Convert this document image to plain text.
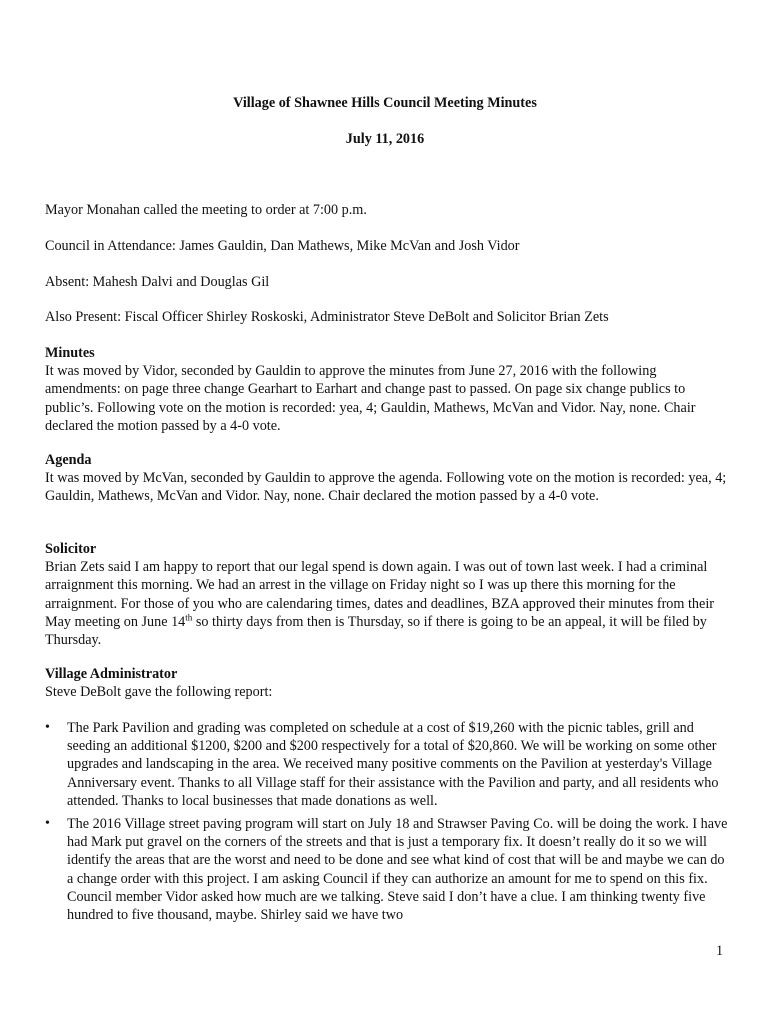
Village of Shawnee Hills Council Meeting Minutes
July 11, 2016
Mayor Monahan called the meeting to order at 7:00 p.m.
Council in Attendance: James Gauldin, Dan Mathews, Mike McVan and Josh Vidor
Absent: Mahesh Dalvi and Douglas Gil
Also Present: Fiscal Officer Shirley Roskoski, Administrator Steve DeBolt and Solicitor Brian Zets

Minutes

It was moved by Vidor, seconded by Gauldin to approve the minutes from June 27, 2016 with the following amendments: on page three change Gearhart to Earhart and change past to passed. On page six change publics to public’s. Following vote on the motion is recorded: yea, 4; Gauldin, Mathews, McVan and Vidor. Nay, none. Chair declared the motion passed by a 4-0 vote.

Agenda

It was moved by McVan, seconded by Gauldin to approve the agenda. Following vote on the motion is recorded: yea, 4; Gauldin, Mathews, McVan and Vidor. Nay, none. Chair declared the motion passed by a 4-0 vote.

Solicitor

Brian Zets said I am happy to report that our legal spend is down again. I was out of town last week. I had a criminal arraignment this morning. We had an arrest in the village on Friday night so I was up there this morning for the arraignment. For those of you who are calendaring times, dates and deadlines, BZA approved their minutes from their May meeting on June 14th so thirty days from then is Thursday, so if there is going to be an appeal, it will be filed by Thursday.

Village Administrator

Steve DeBolt gave the following report:

•	The Park Pavilion and grading was completed on schedule at a cost of $19,260 with the picnic tables, grill and seeding an additional $1200, $200 and $200 respectively for a total of $20,860. We will be working on some other upgrades and landscaping in the area. We received many positive comments on the Pavilion at yesterday's Village Anniversary event. Thanks to all Village staff for their assistance with the Pavilion and party, and all residents who attended. Thanks to local businesses that made donations as well.
•	The 2016 Village street paving program will start on July 18 and Strawser Paving Co. will be doing the work. I have had Mark put gravel on the corners of the streets and that is just a temporary fix. It doesn’t really do it so we will identify the areas that are the worst and need to be done and see what kind of cost that will be and maybe we can do a change order with this project. I am asking Council if they can authorize an amount for me to spend on this fix. Council member Vidor asked how much are we talking. Steve said I don’t have a clue. I am thinking twenty five hundred to five thousand, maybe. Shirley said we have two
1
